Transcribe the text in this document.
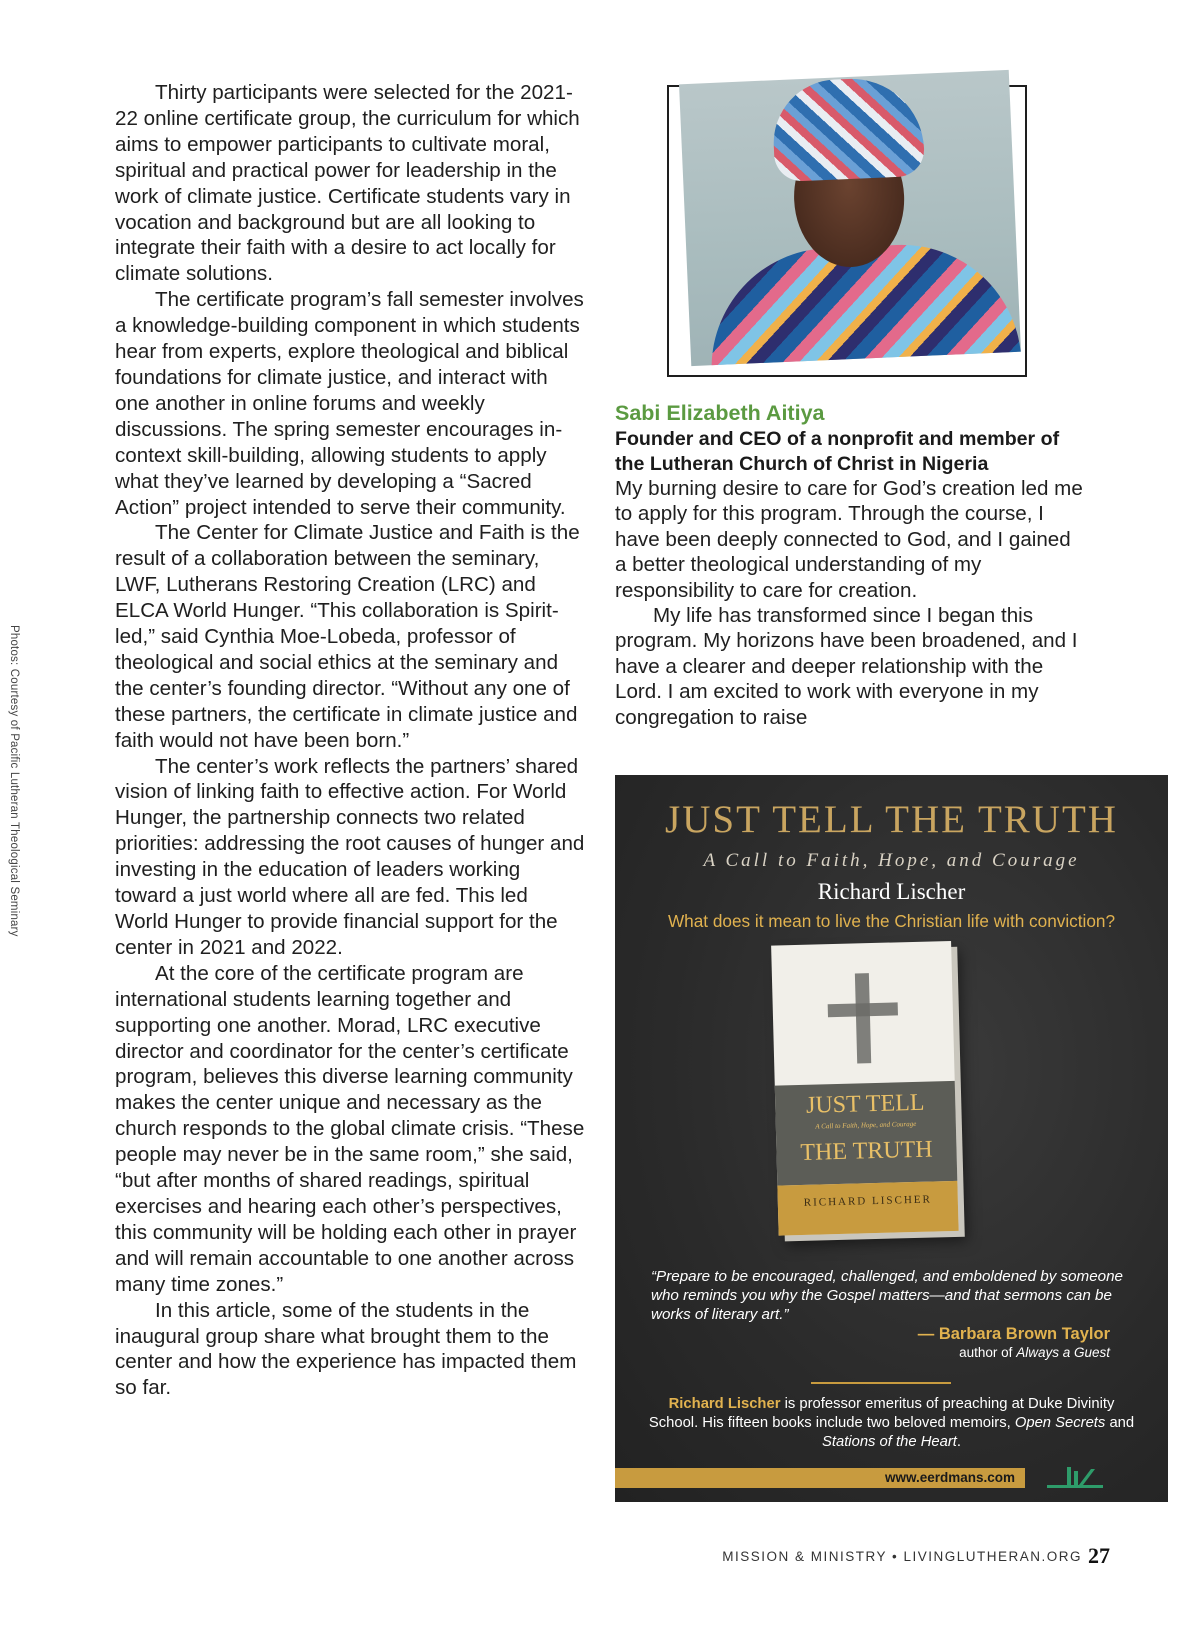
Photos: Courtesy of Pacific Lutheran Theological Seminary

Thirty participants were selected for the 2021-22 online certificate group, the curriculum for which aims to empower participants to cultivate moral, spiritual and practical power for leadership in the work of climate justice. Certificate students vary in vocation and background but are all looking to integrate their faith with a desire to act locally for climate solutions.

The certificate program’s fall semester involves a knowledge-building component in which students hear from experts, explore theological and biblical foundations for climate justice, and interact with one another in online forums and weekly discussions. The spring semester encourages in-context skill-building, allowing students to apply what they’ve learned by developing a “Sacred Action” project intended to serve their community.

The Center for Climate Justice and Faith is the result of a collaboration between the seminary, LWF, Lutherans Restoring Creation (LRC) and ELCA World Hunger. “This collaboration is Spirit-led,” said Cynthia Moe-Lobeda, professor of theological and social ethics at the seminary and the center’s founding director. “Without any one of these partners, the certificate in climate justice and faith would not have been born.”

The center’s work reflects the partners’ shared vision of linking faith to effective action. For World Hunger, the partnership connects two related priorities: addressing the root causes of hunger and investing in the education of leaders working toward a just world where all are fed. This led World Hunger to provide financial support for the center in 2021 and 2022.

At the core of the certificate program are international students learning together and supporting one another. Morad, LRC executive director and coordinator for the center’s certificate program, believes this diverse learning community makes the center unique and necessary as the church responds to the global climate crisis. “These people may never be in the same room,” she said, “but after months of shared readings, spiritual exercises and hearing each other’s perspectives, this community will be holding each other in prayer and will remain accountable to one another across many time zones.”

In this article, some of the students in the inaugural group share what brought them to the center and how the experience has impacted them so far.

Sabi Elizabeth Aitiya

Founder and CEO of a nonprofit and member of the Lutheran Church of Christ in Nigeria

My burning desire to care for God’s creation led me to apply for this program. Through the course, I have been deeply connected to God, and I gained a better theological understanding of my responsibility to care for creation.

My life has transformed since I began this program. My horizons have been broadened, and I have a clearer and deeper relationship with the Lord. I am excited to work with everyone in my congregation to raise

JUST TELL THE TRUTH
A Call to Faith, Hope, and Courage
Richard Lischer
What does it mean to live the Christian life with conviction?
JUST TELL
A Call to Faith, Hope, and Courage
THE TRUTH
RICHARD LISCHER

“Prepare to be encouraged, challenged, and emboldened by someone who reminds you why the Gospel matters—and that sermons can be works of literary art.”

— Barbara Brown Taylor
author of Always a Guest

Richard Lischer is professor emeritus of preaching at Duke Divinity School. His fifteen books include two beloved memoirs, Open Secrets and Stations of the Heart.

www.eerdmans.com
MISSION & MINISTRY • LIVINGLUTHERAN.ORG 27
